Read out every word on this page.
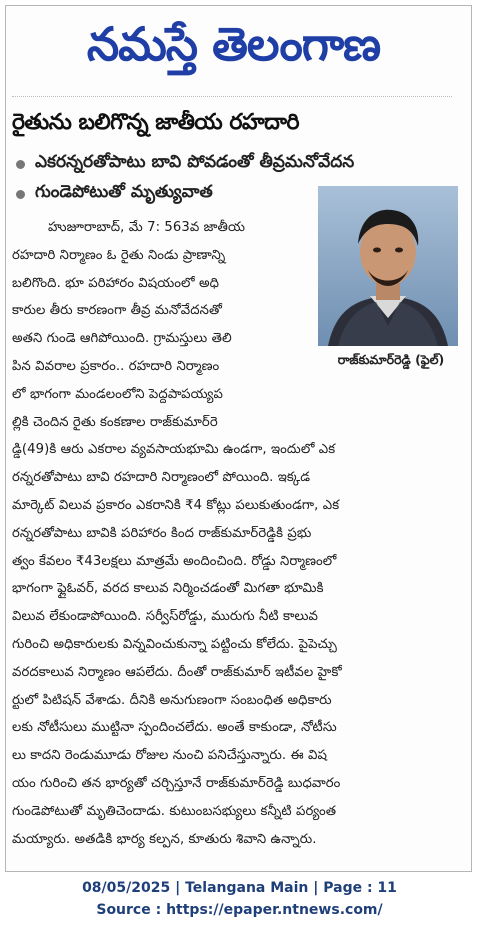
నమస్తే తెలంగాణ
రైతును బలిగొన్న జాతీయ రహదారి
ఎకరన్నరతోపాటు బావి పోవడంతో తీవ్రమనోవేదన
గుండెపోటుతో మృత్యువాత
రాజ్‌కుమార్‌రెడ్డి (ఫైల్)
హుజూరాబాద్, మే 7: 563వ జాతీయ
రహదారి నిర్మాణం ఓ రైతు నిండు ప్రాణాన్ని
బలిగొంది. భూ పరిహారం విషయంలో అధి
కారుల తీరు కారణంగా తీవ్ర మనోవేదనతో
అతని గుండె ఆగిపోయింది. గ్రామస్తులు తెలి
పిన వివరాల ప్రకారం.. రహదారి నిర్మాణం
లో భాగంగా మండలంలోని పెద్దపాపయ్యప
ల్లికి చెందిన రైతు కంకణాల రాజ్‌కుమార్‌రె
డ్డి(49)కి ఆరు ఎకరాల వ్యవసాయభూమి ఉండగా, ఇందులో ఎక
రన్నరతోపాటు బావి రహదారి నిర్మాణంలో పోయింది. ఇక్కడ
మార్కెట్ విలువ ప్రకారం ఎకరానికి ₹4 కోట్లు పలుకుతుండగా, ఎక
రన్నరతోపాటు బావికి పరిహారం కింద రాజ్‌కుమార్‌రెడ్డికి ప్రభు
త్వం కేవలం ₹43లక్షలు మాత్రమే అందించింది. రోడ్డు నిర్మాణంలో
భాగంగా ఫ్లైఓవర్, వరద కాలువ నిర్మించడంతో మిగతా భూమికి
విలువ లేకుండాపోయింది. సర్వీస్‌రోడ్డు, మురుగు నీటి కాలువ
గురించి అధికారులకు విన్నవించుకున్నా పట్టించు కోలేదు. పైపెచ్చు
వరదకాలువ నిర్మాణం ఆపలేదు. దీంతో రాజ్‌కుమార్ ఇటీవల హైకో
ర్టులో పిటిషన్ వేశాడు. దీనికి అనుగుణంగా సంబంధిత అధికారు
లకు నోటీసులు ముట్టినా స్పందించలేదు. అంతే కాకుండా, నోటీసు
లు కాదని రెండుమూడు రోజుల నుంచి పనిచేస్తున్నారు. ఈ విష
యం గురించి తన భార్యతో చర్చిస్తూనే రాజ్‌కుమార్‌రెడ్డి బుధవారం
గుండెపోటుతో మృతిచెందాడు. కుటుంబసభ్యులు కన్నీటి పర్యంత
మయ్యారు. అతడికి భార్య కల్పన, కూతురు శివాని ఉన్నారు.
08/05/2025 | Telangana Main | Page : 11
Source : https://epaper.ntnews.com/
